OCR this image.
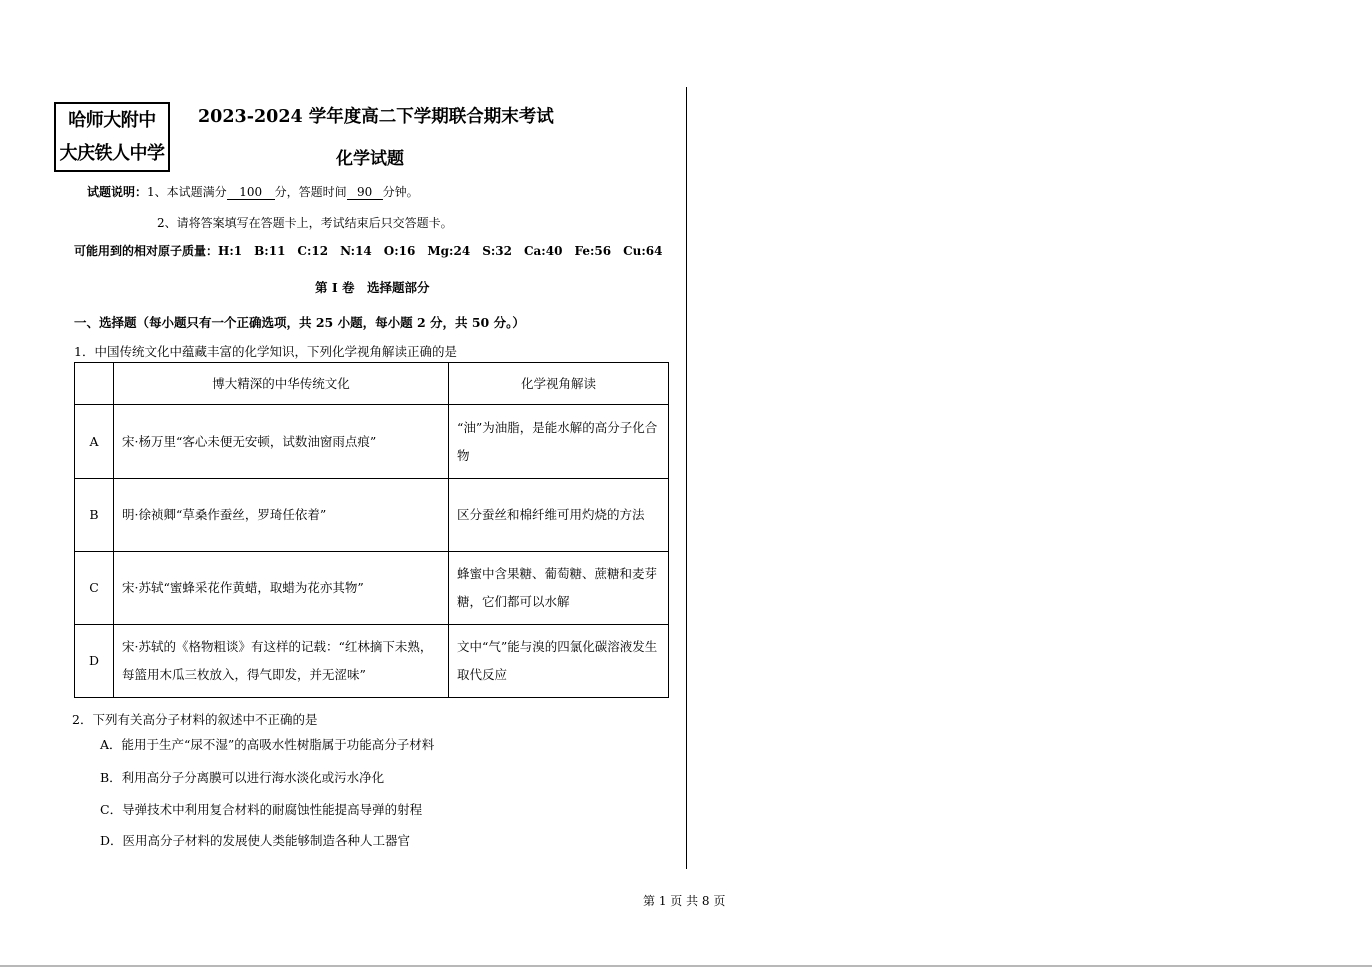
哈师大附中
大庆铁人中学
2023-2024 学年度高二下学期联合期末考试
化学试题
试题说明：1、本试题满分 100 分，答题时间 90 分钟。
2、请将答案填写在答题卡上，考试结束后只交答题卡。
可能用到的相对原子质量：H:1 B:11 C:12 N:14 O:16 Mg:24 S:32 Ca:40 Fe:56 Cu:64
第 I 卷　选择题部分
一、选择题（每小题只有一个正确选项，共 25 小题，每小题 2 分，共 50 分。）
1．中国传统文化中蕴藏丰富的化学知识，下列化学视角解读正确的是
	博大精深的中华传统文化	化学视角解读
A	宋·杨万里“客心未便无安顿，试数油窗雨点痕”	“油”为油脂，是能水解的高分子化合物
B	明·徐祯卿“草桑作蚕丝，罗琦任依着”	区分蚕丝和棉纤维可用灼烧的方法
C	宋·苏轼“蜜蜂采花作黄蜡，取蜡为花亦其物”	蜂蜜中含果糖、葡萄糖、蔗糖和麦芽糖，它们都可以水解
D	宋·苏轼的《格物粗谈》有这样的记载：“红林摘下未熟，每篮用木瓜三枚放入，得气即发，并无涩味”	文中“气”能与溴的四氯化碳溶液发生取代反应
2．下列有关高分子材料的叙述中不正确的是
A．能用于生产“尿不湿”的高吸水性树脂属于功能高分子材料
B．利用高分子分离膜可以进行海水淡化或污水净化
C．导弹技术中利用复合材料的耐腐蚀性能提高导弹的射程
D．医用高分子材料的发展使人类能够制造各种人工器官
第 1 页 共 8 页
